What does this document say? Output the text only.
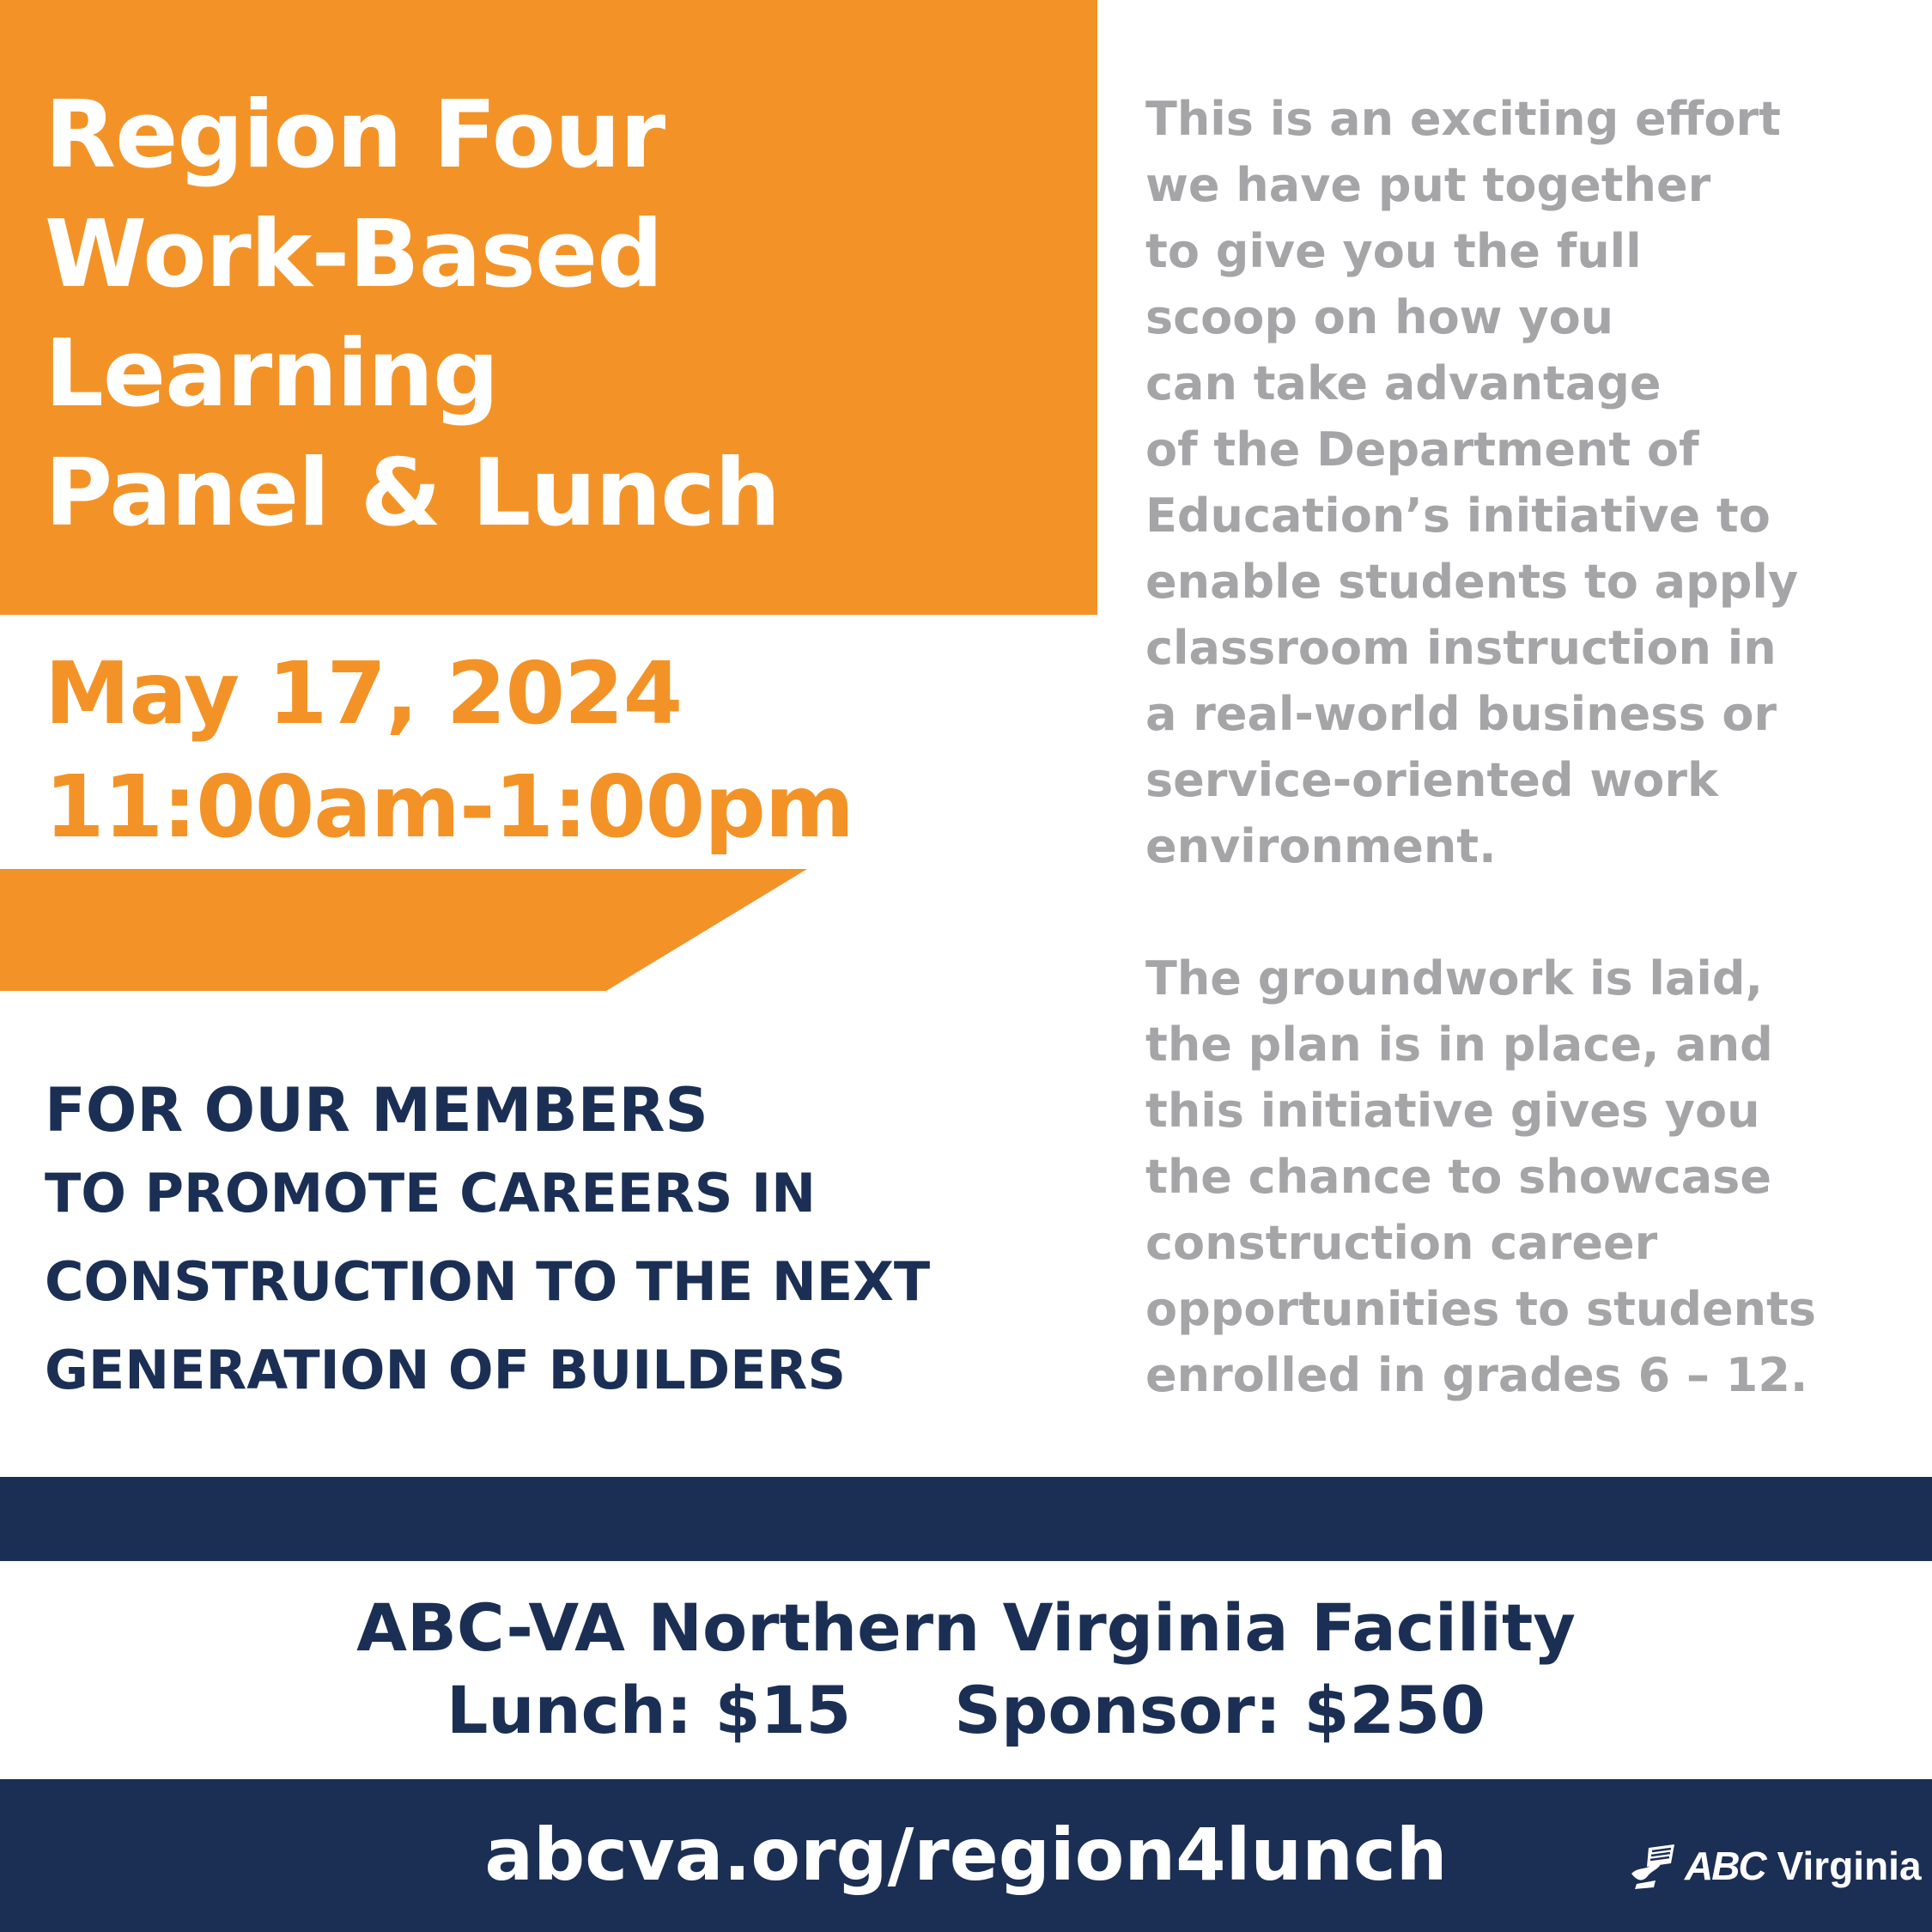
Region Four
Work-Based
Learning
Panel & Lunch
May 17, 2024
11:00am-1:00pm
FOR OUR MEMBERS
TO PROMOTE CAREERS IN
CONSTRUCTION TO THE NEXT
GENERATION OF BUILDERS
This is an exciting effort
we have put together
to give you the full
scoop on how you
can take advantage
of the Department of
Education’s initiative to
enable students to apply
classroom instruction in
a real-world business or
service-oriented work
environment.
The groundwork is laid,
the plan is in place, and
this initiative gives you
the chance to showcase
construction career
opportunities to students
enrolled in grades 6 – 12.
ABC-VA Northern Virginia Facility
Lunch: $15 Sponsor: $250
abcva.org/region4lunch	ABC Virginia
